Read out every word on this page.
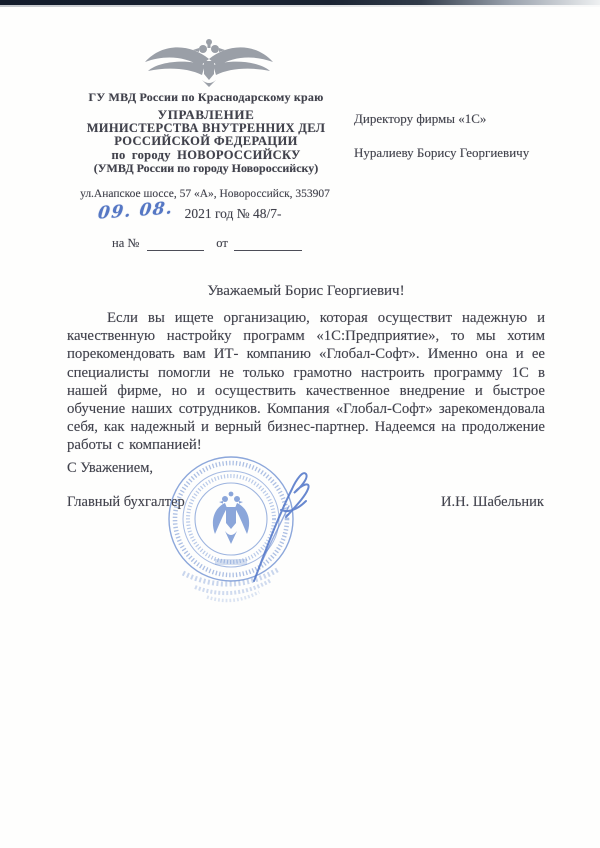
ГУ МВД России по Краснодарскому краю
УПРАВЛЕНИЕ
МИНИСТЕРСТВА ВНУТРЕННИХ ДЕЛ
РОССИЙСКОЙ ФЕДЕРАЦИИ
по городу НОВОРОССИЙСКУ
(УМВД России по городу Новороссийску)
ул.Анапское шоссе, 57 «А», Новороссийск, 353907
09. 08. 2021 год № 48/7-
на №	от
Директору фирмы «1С»
Нуралиеву Борису Георгиевичу
Уважаемый Борис Георгиевич!

Если вы ищете организацию, которая осуществит надежную и качественную настройку программ «1С:Предприятие», то мы хотим порекомендовать вам ИТ- компанию «Глобал-Софт». Именно она и ее специалисты помогли не только грамотно настроить программу 1С в нашей фирме, но и осуществить качественное внедрение и быстрое обучение наших сотрудников. Компания «Глобал-Софт» зарекомендовала себя, как надежный и верный бизнес-партнер. Надеемся на продолжение работы с компанией!

С Уважением,
Главный бухгалтер	И.Н. Шабельник
